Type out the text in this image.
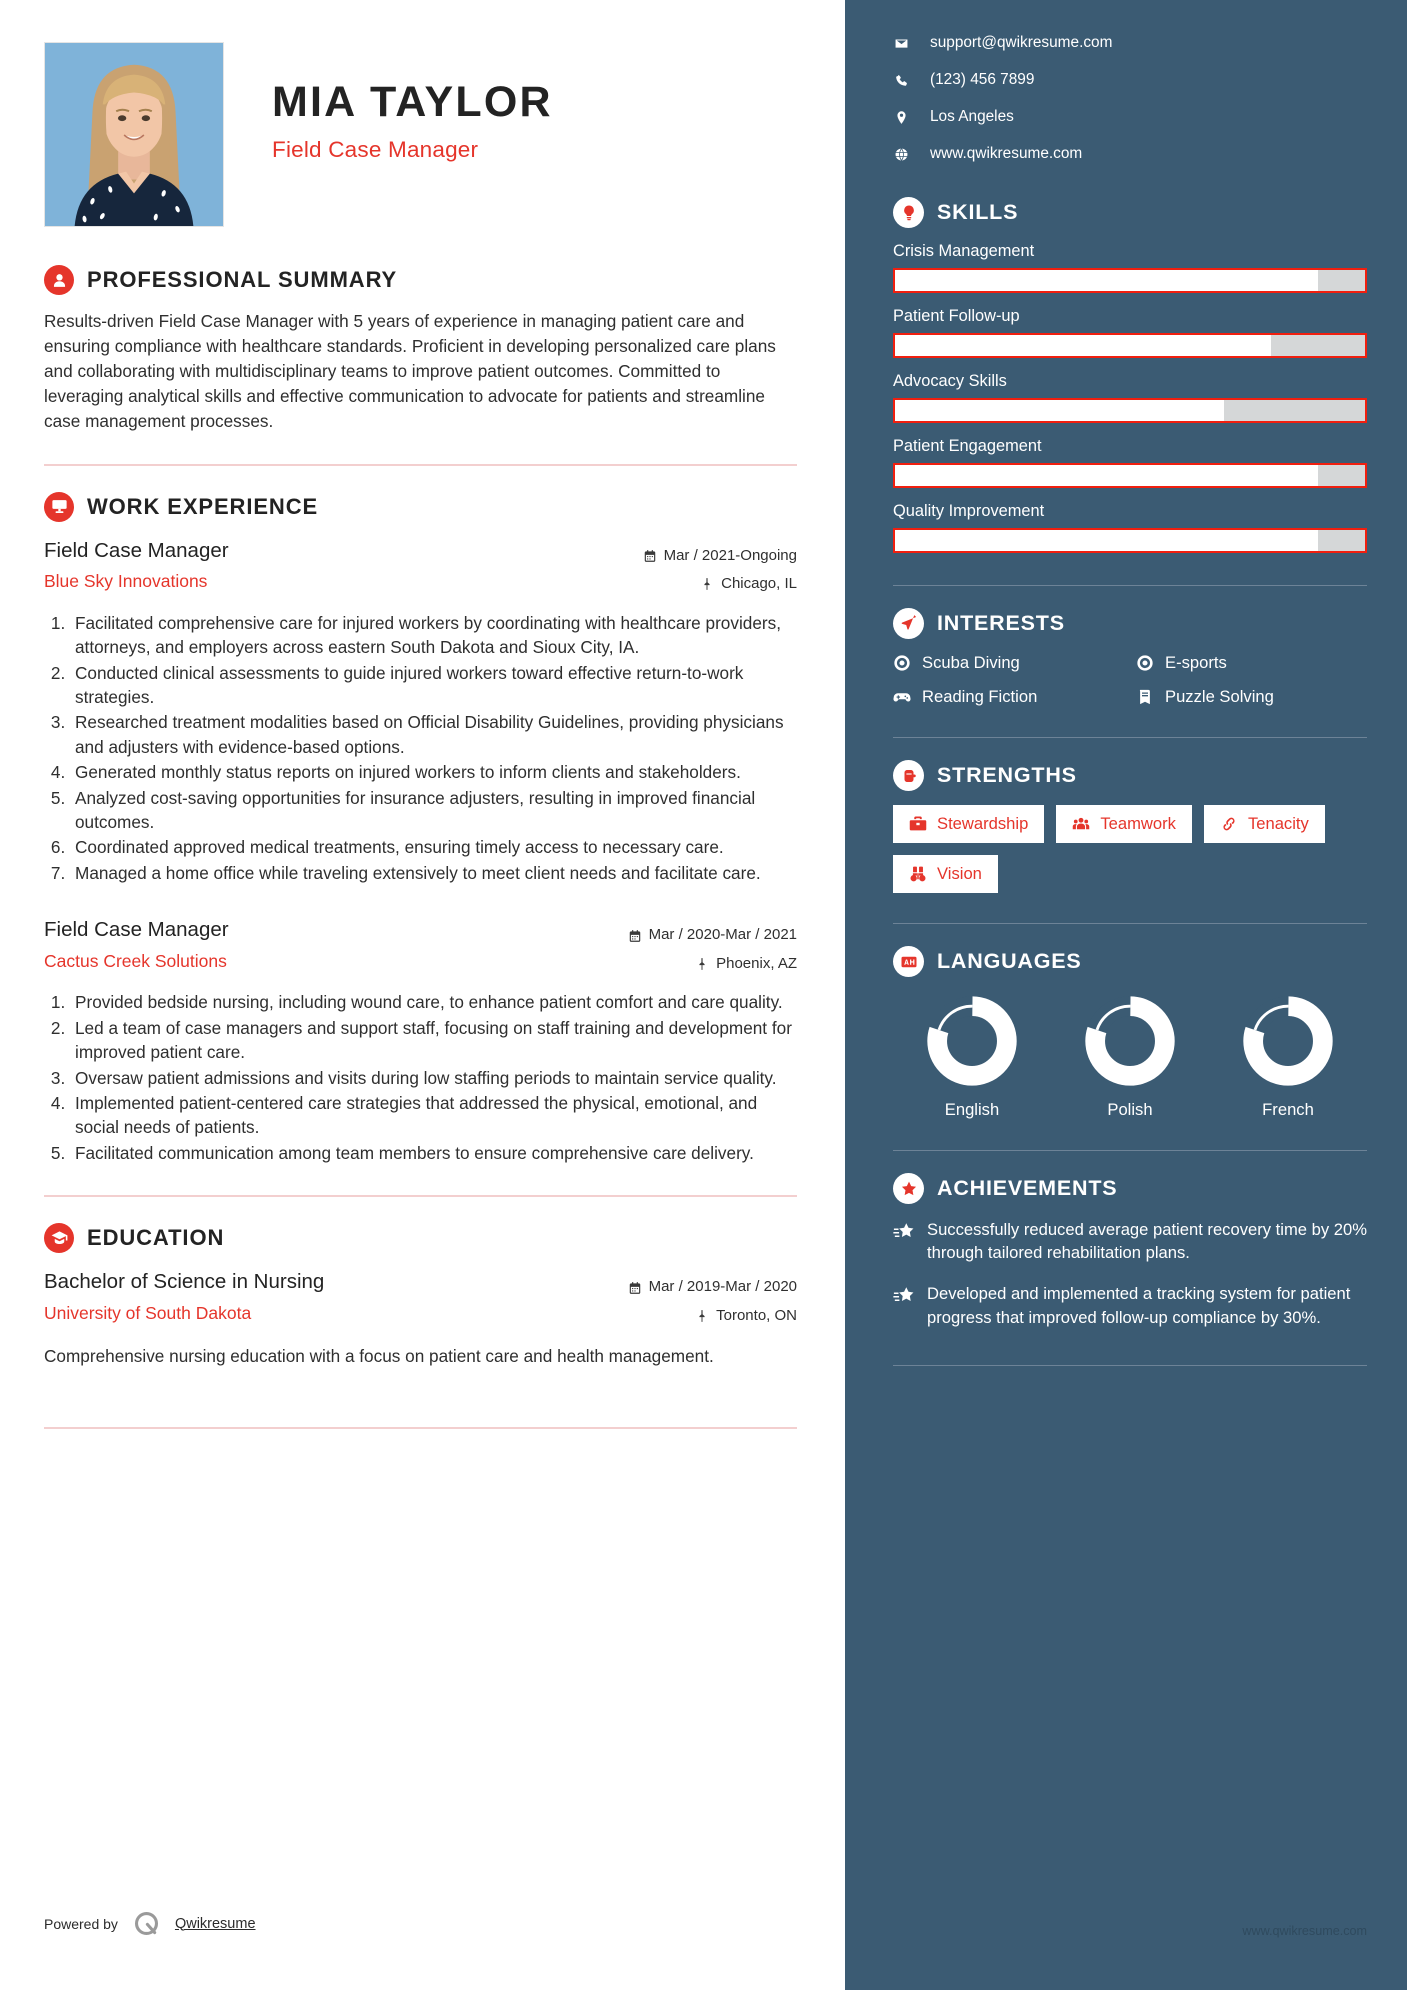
MIA TAYLOR
Field Case Manager
PROFESSIONAL SUMMARY
Results-driven Field Case Manager with 5 years of experience in managing patient care and ensuring compliance with healthcare standards. Proficient in developing personalized care plans and collaborating with multidisciplinary teams to improve patient outcomes. Committed to leveraging analytical skills and effective communication to advocate for patients and streamline case management processes.
WORK EXPERIENCE
Field Case Manager
Blue Sky Innovations
Mar / 2021-Ongoing
Chicago, IL
1. Facilitated comprehensive care for injured workers by coordinating with healthcare providers, attorneys, and employers across eastern South Dakota and Sioux City, IA.
2. Conducted clinical assessments to guide injured workers toward effective return-to-work strategies.
3. Researched treatment modalities based on Official Disability Guidelines, providing physicians and adjusters with evidence-based options.
4. Generated monthly status reports on injured workers to inform clients and stakeholders.
5. Analyzed cost-saving opportunities for insurance adjusters, resulting in improved financial outcomes.
6. Coordinated approved medical treatments, ensuring timely access to necessary care.
7. Managed a home office while traveling extensively to meet client needs and facilitate care.
Field Case Manager
Cactus Creek Solutions
Mar / 2020-Mar / 2021
Phoenix, AZ
1. Provided bedside nursing, including wound care, to enhance patient comfort and care quality.
2. Led a team of case managers and support staff, focusing on staff training and development for improved patient care.
3. Oversaw patient admissions and visits during low staffing periods to maintain service quality.
4. Implemented patient-centered care strategies that addressed the physical, emotional, and social needs of patients.
5. Facilitated communication among team members to ensure comprehensive care delivery.
EDUCATION
Bachelor of Science in Nursing
University of South Dakota
Mar / 2019-Mar / 2020
Toronto, ON
Comprehensive nursing education with a focus on patient care and health management.
Powered by	Qwikresume
support@qwikresume.com
(123) 456 7899
Los Angeles
www.qwikresume.com
SKILLS
Crisis Management
Patient Follow-up
Advocacy Skills
Patient Engagement
Quality Improvement
INTERESTS
Scuba Diving	E-sports
Reading Fiction	Puzzle Solving
STRENGTHS
Stewardship	Teamwork	Tenacity
Vision
LANGUAGES
English	Polish	French
ACHIEVEMENTS
Successfully reduced average patient recovery time by 20% through tailored rehabilitation plans.
Developed and implemented a tracking system for patient progress that improved follow-up compliance by 30%.
www.qwikresume.com
